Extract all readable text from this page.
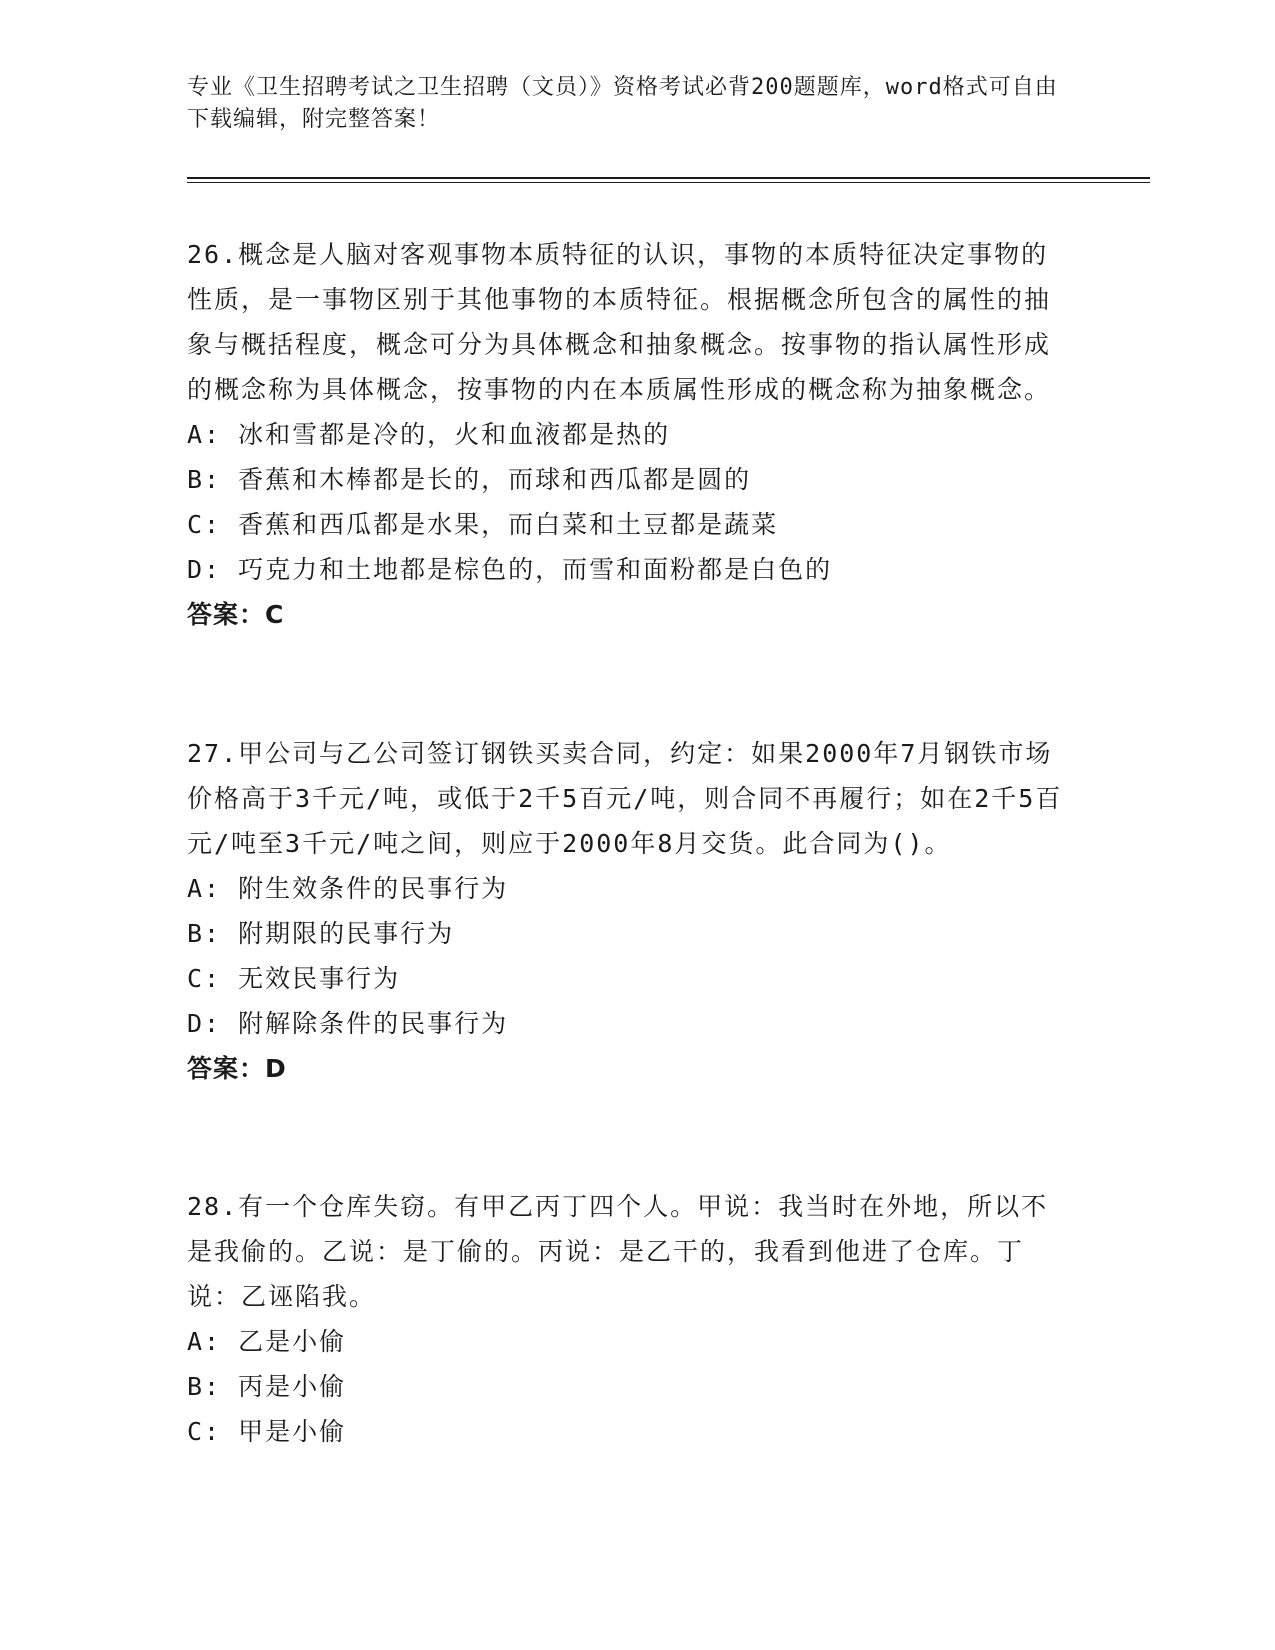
专业《卫生招聘考试之卫生招聘（文员）》资格考试必背200题题库，word格式可自由下载编辑，附完整答案！

26.概念是人脑对客观事物本质特征的认识，事物的本质特征决定事物的性质，是一事物区别于其他事物的本质特征。根据概念所包含的属性的抽象与概括程度，概念可分为具体概念和抽象概念。按事物的指认属性形成的概念称为具体概念，按事物的内在本质属性形成的概念称为抽象概念。

A: 冰和雪都是冷的，火和血液都是热的

B: 香蕉和木棒都是长的，而球和西瓜都是圆的

C: 香蕉和西瓜都是水果，而白菜和土豆都是蔬菜

D: 巧克力和土地都是棕色的，而雪和面粉都是白色的

答案：C

27.甲公司与乙公司签订钢铁买卖合同，约定：如果2000年7月钢铁市场价格高于3千元/吨，或低于2千5百元/吨，则合同不再履行；如在2千5百元/吨至3千元/吨之间，则应于2000年8月交货。此合同为()。

A: 附生效条件的民事行为

B: 附期限的民事行为

C: 无效民事行为

D: 附解除条件的民事行为

答案：D

28.有一个仓库失窃。有甲乙丙丁四个人。甲说：我当时在外地，所以不是我偷的。乙说：是丁偷的。丙说：是乙干的，我看到他进了仓库。丁说：乙诬陷我。

A: 乙是小偷

B: 丙是小偷

C: 甲是小偷
